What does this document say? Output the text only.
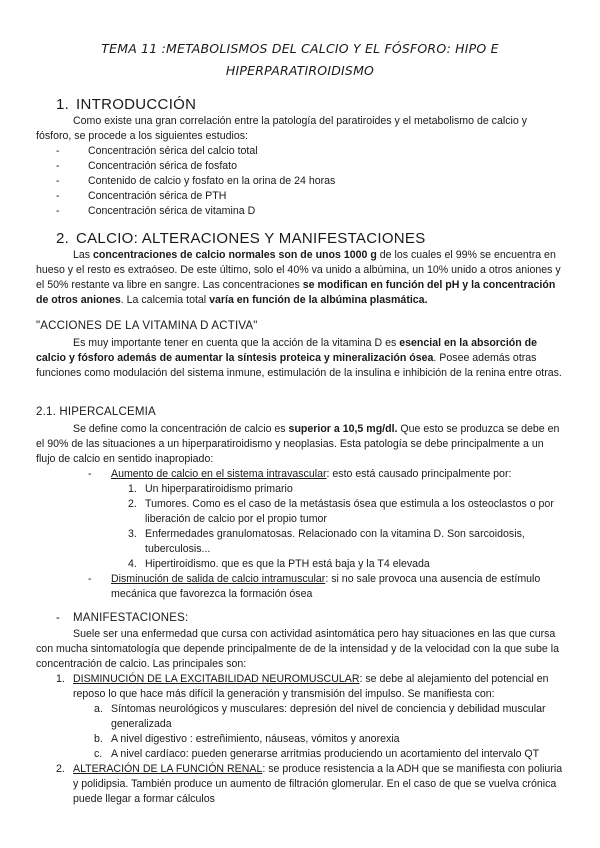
TEMA 11 :METABOLISMOS DEL CALCIO Y EL FÓSFORO: HIPO E
HIPERPARATIROIDISMO
1. INTRODUCCIÓN
Como existe una gran correlación entre la patología del paratiroides y el metabolismo de calcio y fósforo, se procede a los siguientes estudios:
-	Concentración sérica del calcio total
-	Concentración sérica de fosfato
-	Contenido de calcio y fosfato en la orina de 24 horas
-	Concentración sérica de PTH
-	Concentración sérica de vitamina D
2. CALCIO: ALTERACIONES Y MANIFESTACIONES
Las concentraciones de calcio normales son de unos 1000 g de los cuales el 99% se encuentra en hueso y el resto es extraóseo. De este último, solo el 40% va unido a albúmina, un 10% unido a otros aniones y el 50% restante va libre en sangre. Las concentraciones se modifican en función del pH y la concentración de otros aniones. La calcemia total varía en función de la albúmina plasmática.
"ACCIONES DE LA VITAMINA D ACTIVA"
Es muy importante tener en cuenta que la acción de la vitamina D es esencial en la absorción de calcio y fósforo además de aumentar la síntesis proteica y mineralización ósea. Posee además otras funciones como modulación del sistema inmune, estimulación de la insulina e inhibición de la renina entre otras.
2.1. HIPERCALCEMIA
Se define como la concentración de calcio es superior a 10,5 mg/dl. Que esto se produzca se debe en el 90% de las situaciones a un hiperparatiroidismo y neoplasias. Esta patología se debe principalmente a un flujo de calcio en sentido inapropiado:
- Aumento de calcio en el sistema intravascular: esto está causado principalmente por:
1. Un hiperparatiroidismo primario
2. Tumores. Como es el caso de la metástasis ósea que estimula a los osteoclastos o por liberación de calcio por el propio tumor
3. Enfermedades granulomatosas. Relacionado con la vitamina D. Son sarcoidosis, tuberculosis...
4. Hipertiroidismo. que es que la PTH está baja y la T4 elevada
- Disminución de salida de calcio intramuscular: si no sale provoca una ausencia de estímulo mecánica que favorezca la formación ósea
- MANIFESTACIONES:
Suele ser una enfermedad que cursa con actividad asintomática pero hay situaciones en las que cursa con mucha sintomatología que depende principalmente de de la intensidad y de la velocidad con la que sube la concentración de calcio. Las principales son:
1. DISMINUCIÓN DE LA EXCITABILIDAD NEUROMUSCULAR: se debe al alejamiento del potencial en reposo lo que hace más difícil la generación y transmisión del impulso. Se manifiesta con:
a. Síntomas neurológicos y musculares: depresión del nivel de conciencia y debilidad muscular generalizada
b. A nivel digestivo : estreñimiento, náuseas, vómitos y anorexia
c. A nivel cardíaco: pueden generarse arritmias produciendo un acortamiento del intervalo QT
2. ALTERACIÓN DE LA FUNCIÓN RENAL: se produce resistencia a la ADH que se manifiesta con poliuria y polidipsia. También produce un aumento de filtración glomerular. En el caso de que se vuelva crónica puede llegar a formar cálculos
